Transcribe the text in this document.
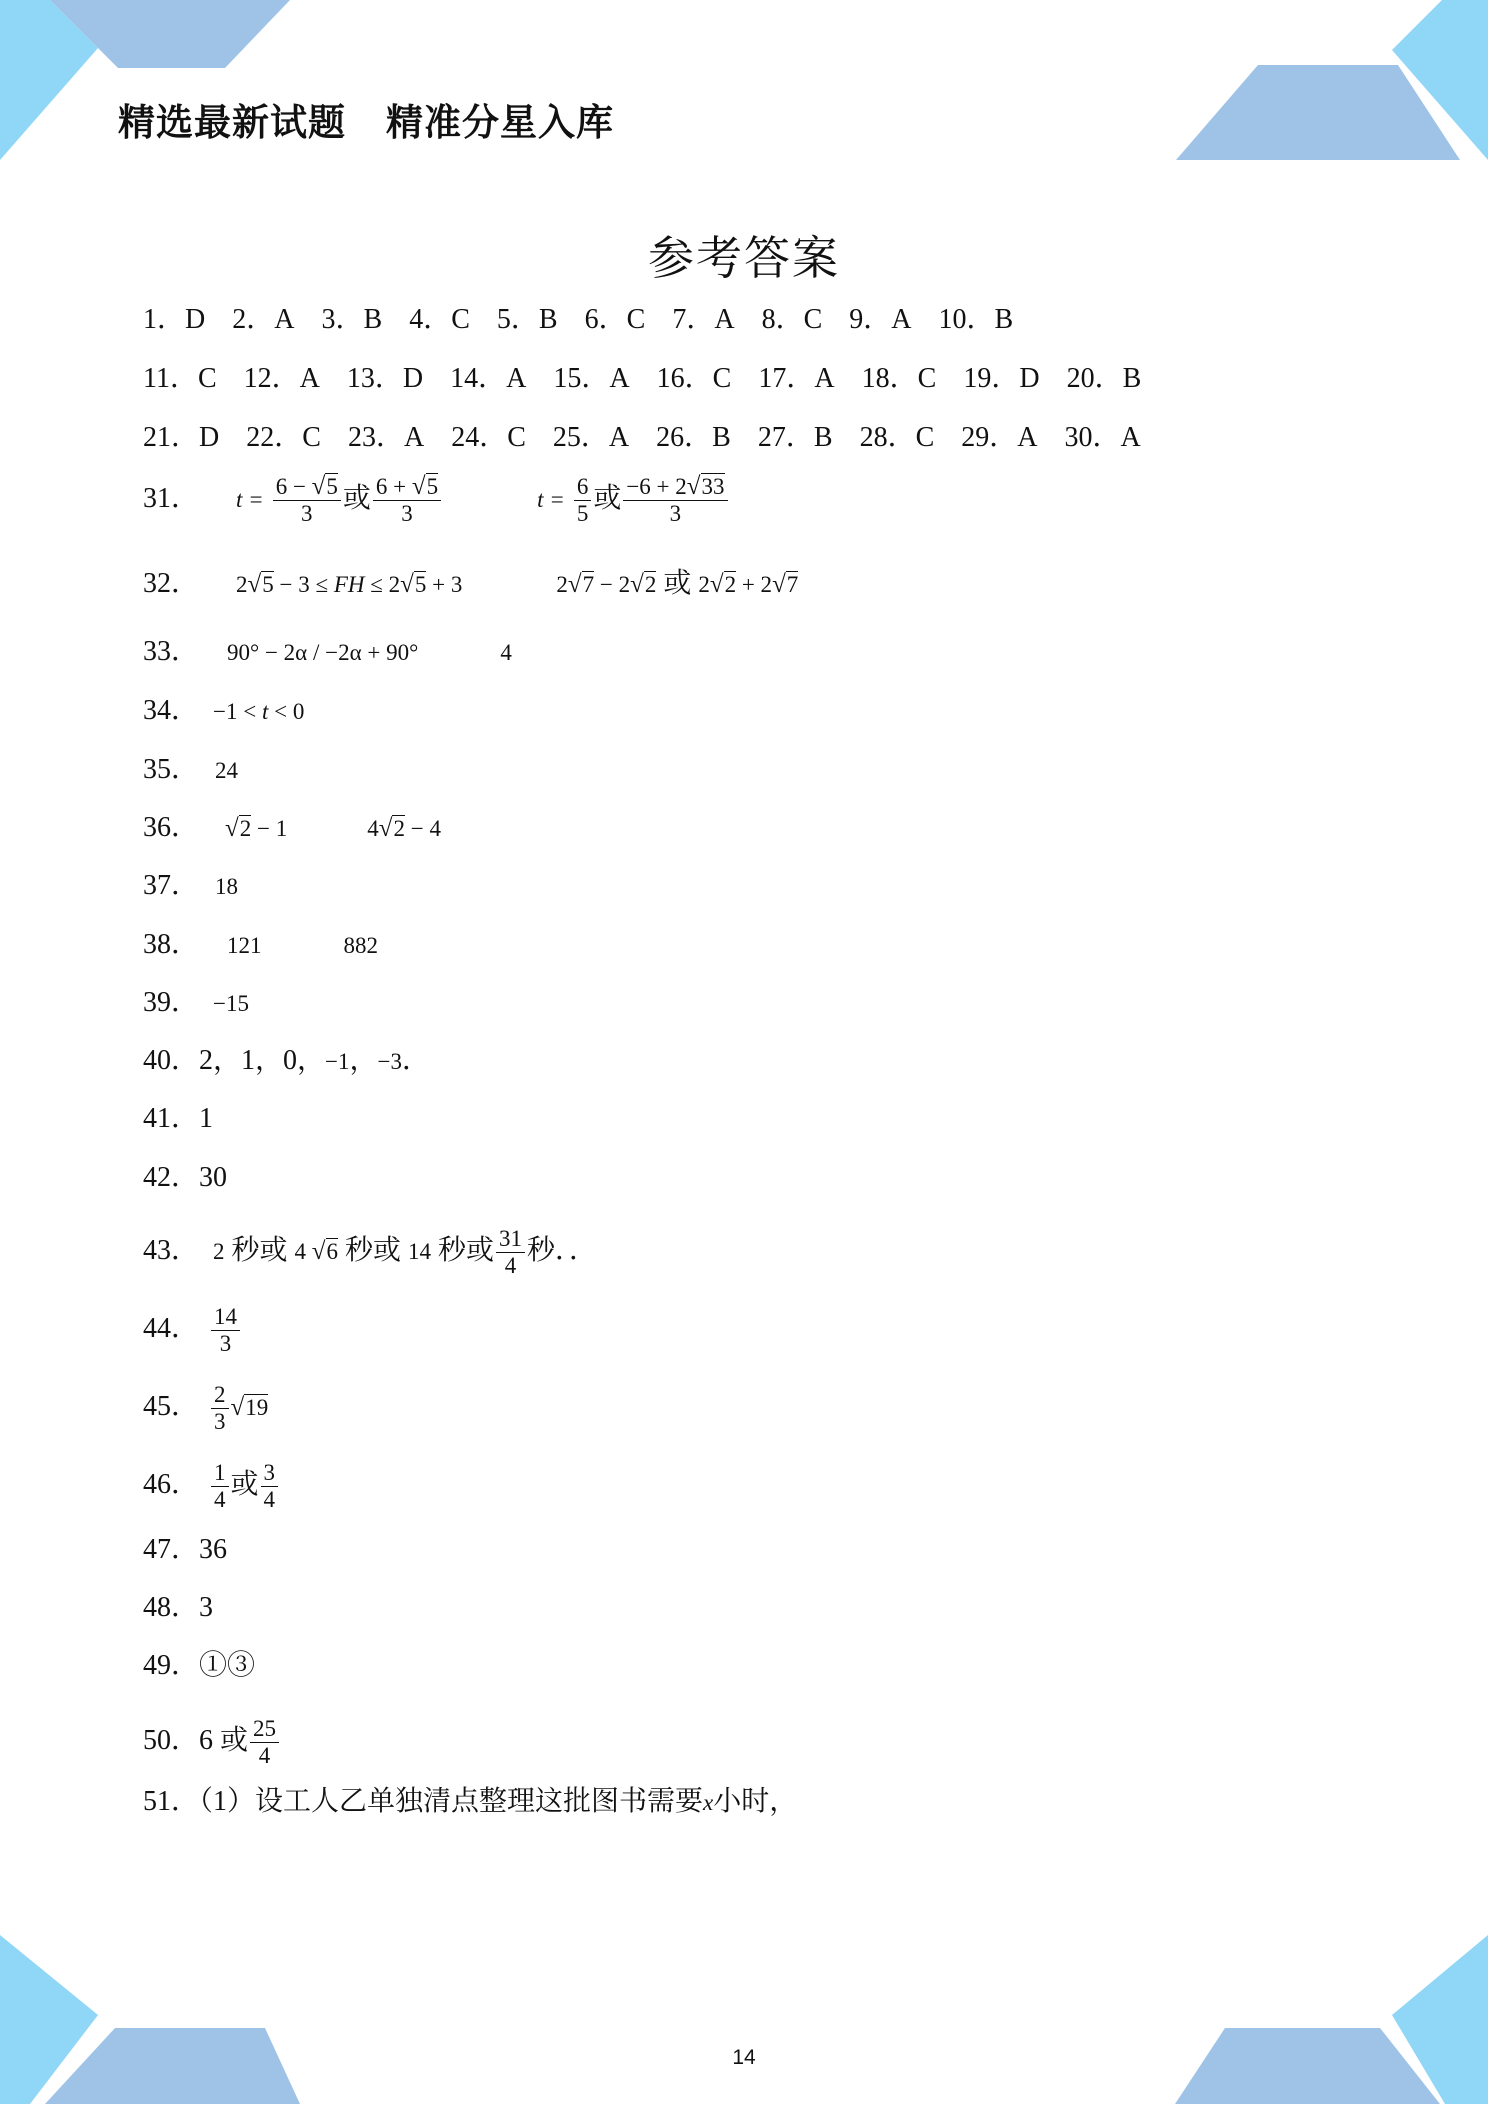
精选最新试题 精准分星入库
参考答案
1．D 2．A 3．B 4．C 5．B 6．C 7．A 8．C 9．A 10．B
11．C 12．A 13．D 14．A 15．A 16．C 17．A 18．C 19．D 20．B
21．D 22．C 23．A 24．C 25．A 26．B 27．B 28．C 29．A 30．A
31． $t = \frac{6 - √5}{3}$ 或 $\frac{6 + √5}{3}$	$t = \frac{6}{5}$ 或 $\frac{-6 + 2√33}{3}$
32． 2√5 − 3 ≤ FH ≤ 2√5 + 3	2√7 − 2√2 或 2√2 + 2√7
33． 90° − 2α / −2α + 90°	4
34． −1 < t < 0
35． 24
36． √2 − 1	4√2 − 4
37． 18
38． 121	882
39． −15
40．2，1，0，−1，−3．
41．1
42．30
43． 2 秒或 4 √6 秒或 14 秒或 $\frac{31}{4}$ 秒．．
44． $\frac{14}{3}$
45． $\frac{2}{3} √19$
46． $\frac{1}{4}$ 或 $\frac{3}{4}$
47．36
48．3
49．①③
50．6 或 $\frac{25}{4}$
51．（1）设工人乙单独清点整理这批图书需要x小时，
14
